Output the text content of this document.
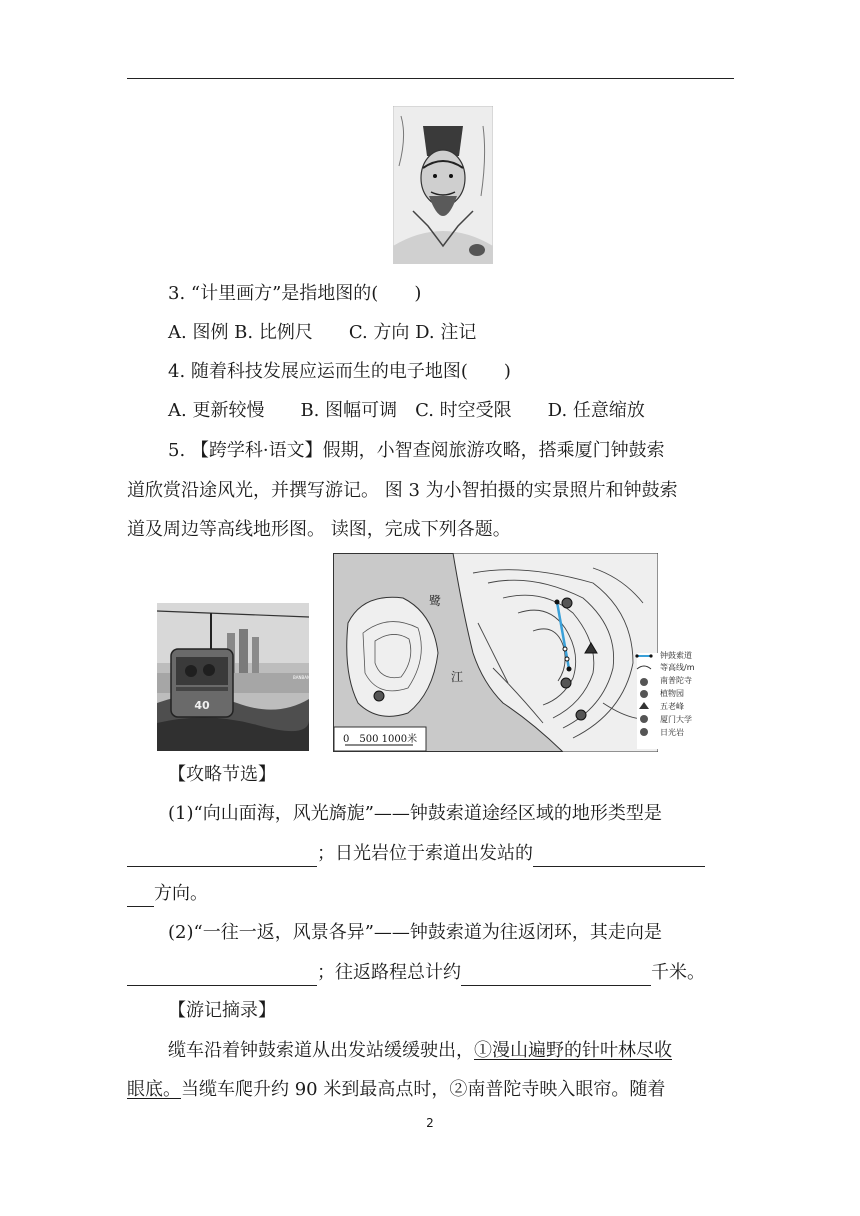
3. “计里画方”是指地图的(　　)
A. 图例 B. 比例尺　　C. 方向 D. 注记
4. 随着科技发展应运而生的电子地图(　　)
A. 更新较慢　　B. 图幅可调　C. 时空受限　　D. 任意缩放
5. 【跨学科·语文】假期，小智查阅旅游攻略，搭乘厦门钟鼓索
道欣赏沿途风光，并撰写游记。 图 3 为小智拍摄的实景照片和钟鼓索
道及周边等高线地形图。 读图，完成下列各题。
40
BANBAN
鹭
江
0　500 1000米
钟鼓索道
等高线/m
南普陀寺
植物园
五老峰
厦门大学
日光岩
【攻略节选】
(1)“向山面海，风光旖旎”——钟鼓索道途经区域的地形类型是
；日光岩位于索道出发站的
方向。
(2)“一往一返，风景各异”——钟鼓索道为往返闭环，其走向是
；往返路程总计约	千米。
【游记摘录】
缆车沿着钟鼓索道从出发站缓缓驶出，①漫山遍野的针叶林尽收
眼底。当缆车爬升约 90 米到最高点时，②南普陀寺映入眼帘。随着
2
